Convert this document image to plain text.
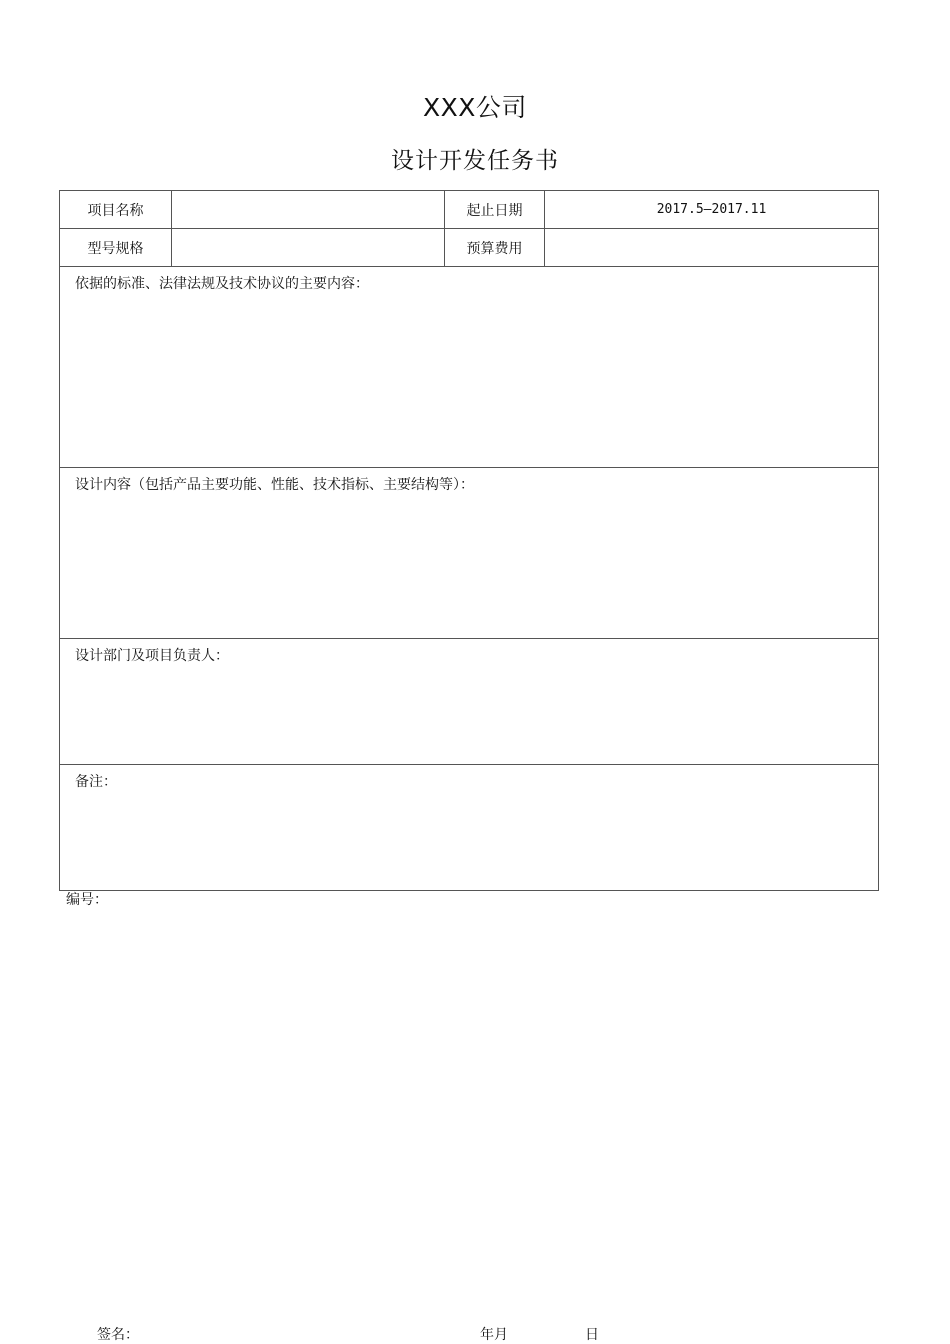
XXX公司
设计开发任务书
项目名称		起止日期	2017.5—2017.11
型号规格		预算费用	
依据的标准、法律法规及技术协议的主要内容：			
设计内容（包括产品主要功能、性能、技术指标、主要结构等）：			
设计部门及项目负责人：			
备注：			
编号：
签名：	年月	日
